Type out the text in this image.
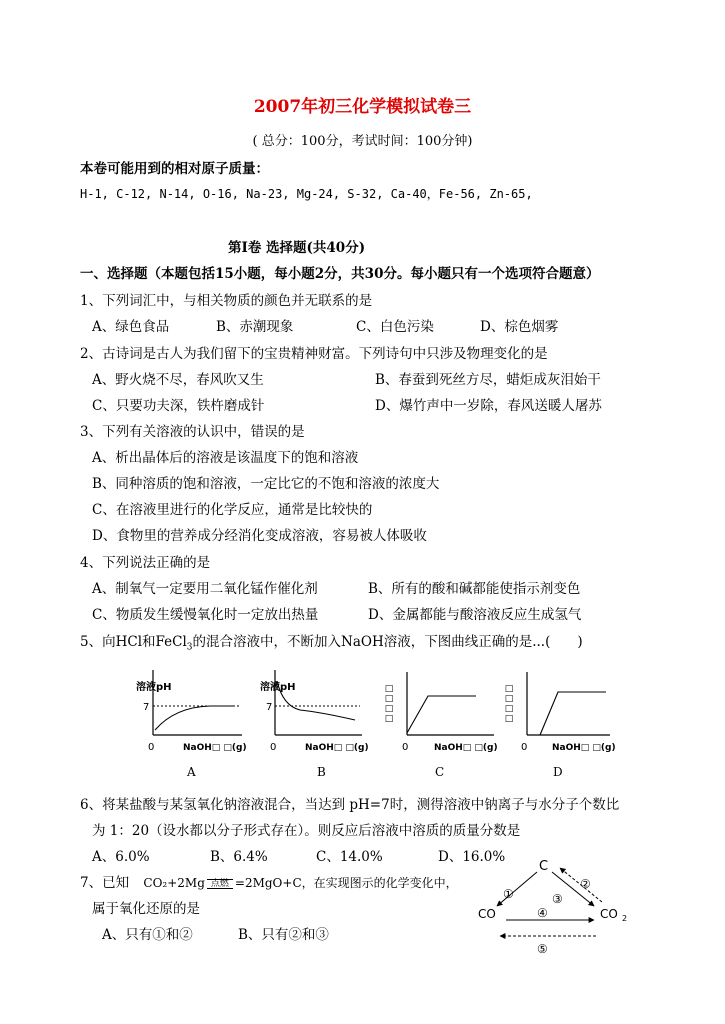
2007年初三化学模拟试卷三
( 总分：100分，考试时间：100分钟)
本卷可能用到的相对原子质量：
H-1, C-12, N-14, O-16, Na-23, Mg-24, S-32, Ca-40，Fe-56, Zn-65,
第Ⅰ卷 选择题(共40分)
一、选择题（本题包括15小题，每小题2分，共30分。每小题只有一个选项符合题意）
1、下列词汇中，与相关物质的颜色并无联系的是
A、绿色食品	B、赤潮现象	C、白色污染	D、棕色烟雾
2、古诗词是古人为我们留下的宝贵精神财富。下列诗句中只涉及物理变化的是
A、野火烧不尽，春风吹又生	B、春蚕到死丝方尽，蜡炬成灰泪始干
C、只要功夫深，铁杵磨成针	D、爆竹声中一岁除，春风送暖人屠苏
3、下列有关溶液的认识中，错误的是
A、析出晶体后的溶液是该温度下的饱和溶液
B、同种溶质的饱和溶液，一定比它的不饱和溶液的浓度大
C、在溶液里进行的化学反应，通常是比较快的
D、食物里的营养成分经消化变成溶液，容易被人体吸收
4、下列说法正确的是
A、制氧气一定要用二氧化锰作催化剂	B、所有的酸和碱都能使指示剂变色
C、物质发生缓慢氧化时一定放出热量	D、金属都能与酸溶液反应生成氢气
5、向HCl和FeCl$_3$的混合溶液中，不断加入NaOH溶液，下图曲线正确的是...(　　)
溶液pH
7
0	NaOH□ □(g)
溶液pH
7
0	NaOH□ □(g)
□□□□
0	NaOH□ □(g)
□□□□
0	NaOH□ □(g)
A	B	C	D
C
CO	CO 2
①
②
③
④
⑤
6、将某盐酸与某氢氧化钠溶液混合，当达到 pH=7时，测得溶液中钠离子与水分子个数比
为 1：20（设水都以分子形式存在）。则反应后溶液中溶质的质量分数是
A、6.0%	B、6.4%	C、14.0%	D、16.0%
7、已知 CO₂+2Mg 点燃 =2MgO+C，在实现图示的化学变化中，
属于氧化还原的是
A、只有①和②	B、只有②和③
